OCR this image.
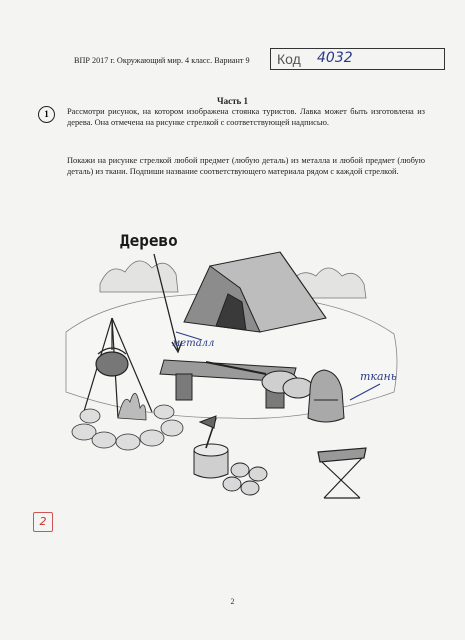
ВПР 2017 г. Окружающий мир. 4 класс. Вариант 9 Код 4032
Часть 1
1	Рассмотри рисунок, на котором изображена стоянка туристов. Лавка может быть изготовлена из дерева. Она отмечена на рисунке стрелкой с соответствующей надписью.

Покажи на рисунке стрелкой любой предмет (любую деталь) из металла и любой предмет (любую деталь) из ткани. Подпиши название соответствующего материала рядом с каждой стрелкой.

Дерево
металл
ткань
2
2
